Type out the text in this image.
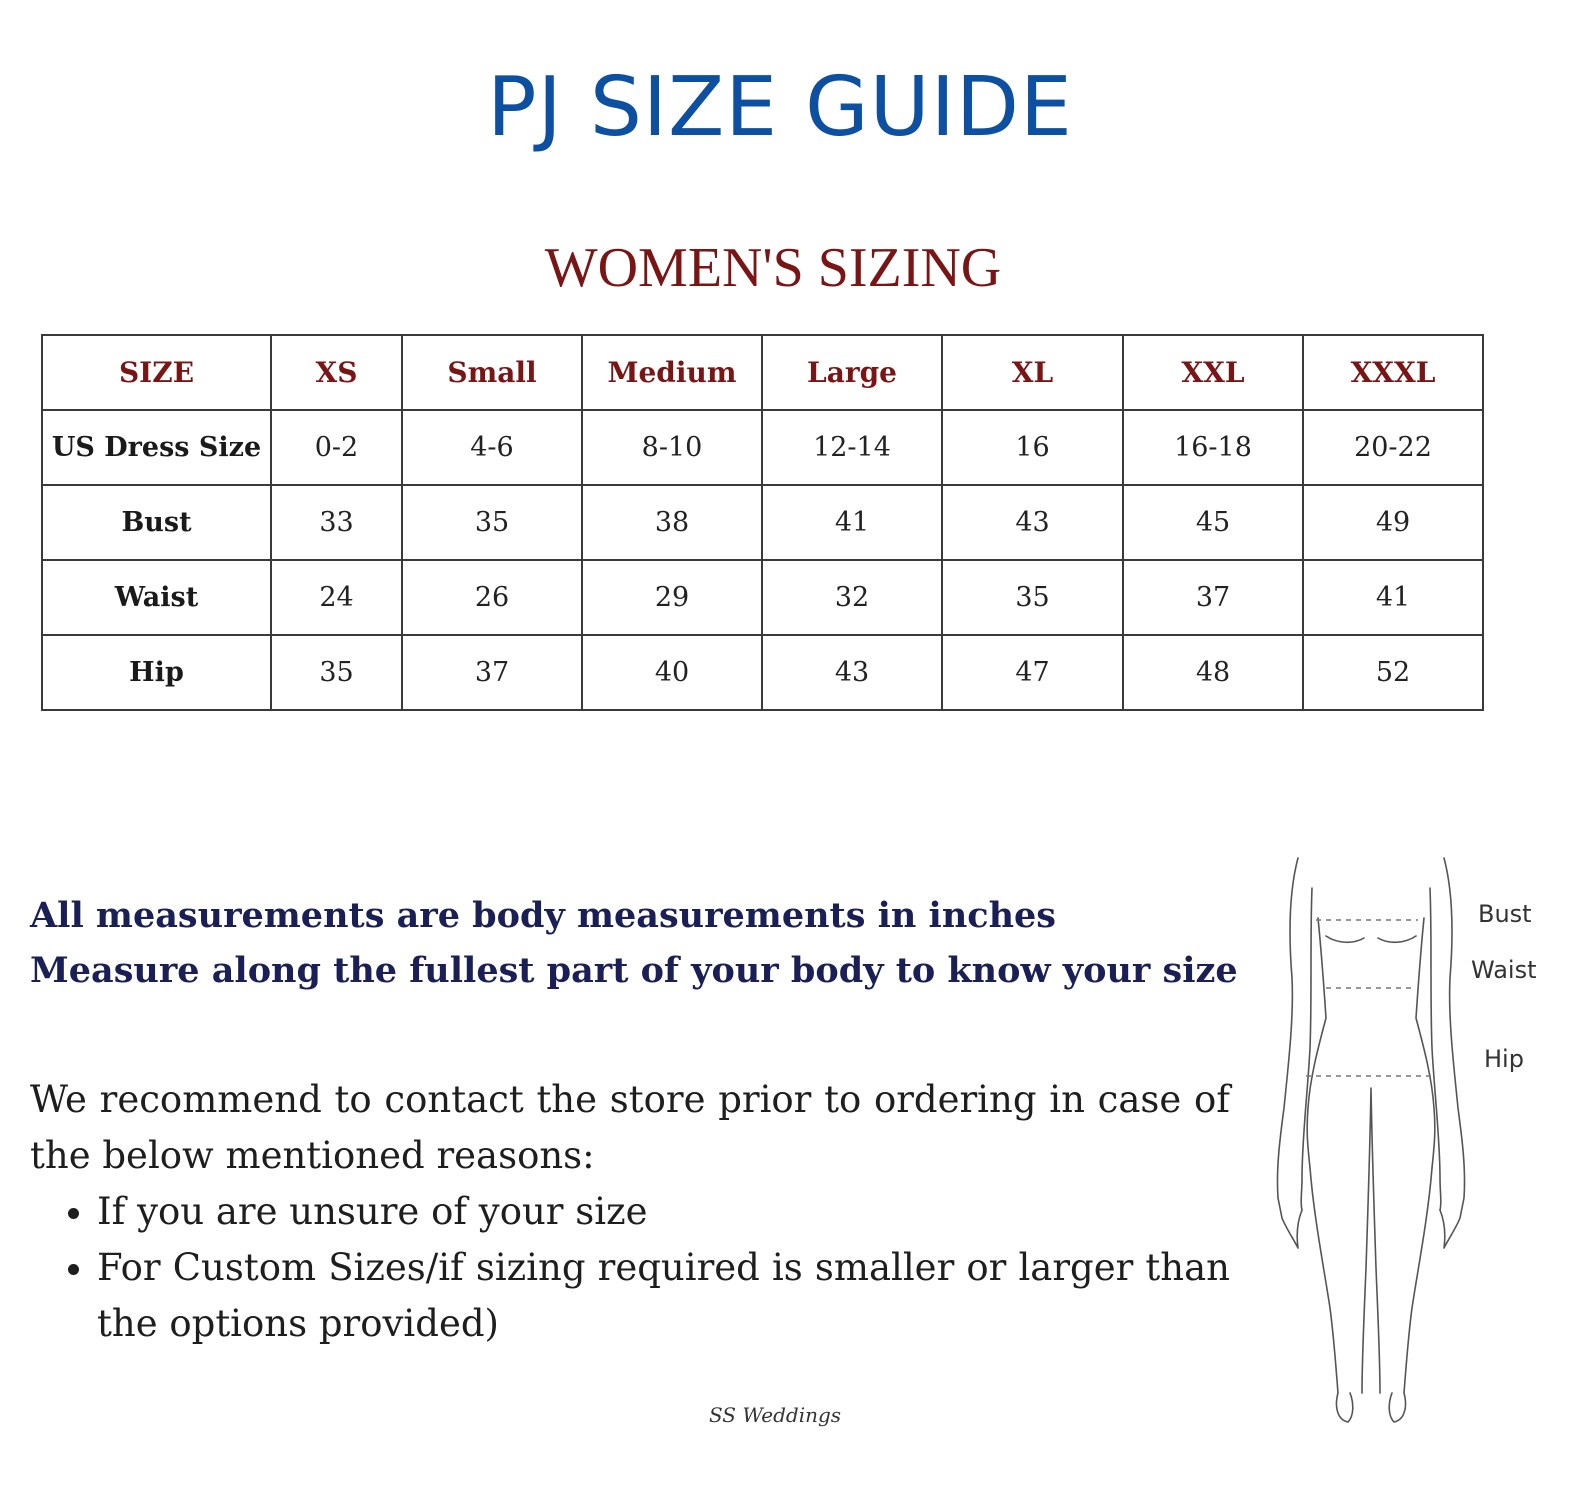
PJ SIZE GUIDE
WOMEN'S SIZING
SIZE	XS	Small	Medium	Large	XL	XXL	XXXL
US Dress Size	0-2	4-6	8-10	12-14	16	16-18	20-22
Bust	33	35	38	41	43	45	49
Waist	24	26	29	32	35	37	41
Hip	35	37	40	43	47	48	52
All measurements are body measurements in inches
Measure along the fullest part of your body to know your size
We recommend to contact the store prior to ordering in case of the below mentioned reasons:
• If you are unsure of your size
• For Custom Sizes/if sizing required is smaller or larger than the options provided)
Bust
Waist
Hip
SS Weddings
